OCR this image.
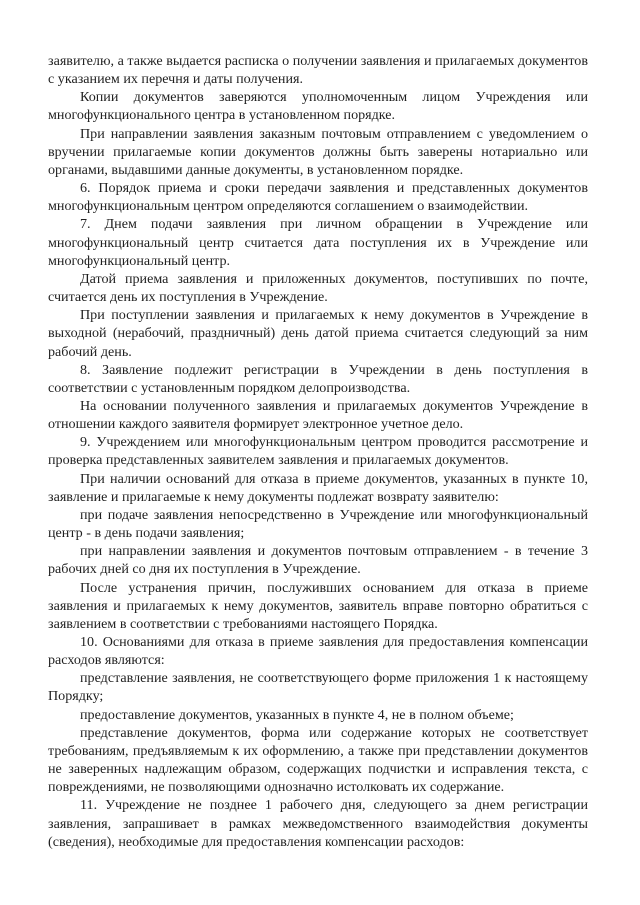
заявителю, а также выдается расписка о получении заявления и прилагаемых документов с указанием их перечня и даты получения.

Копии документов заверяются уполномоченным лицом Учреждения или многофункционального центра в установленном порядке.

При направлении заявления заказным почтовым отправлением с уведомлением о вручении прилагаемые копии документов должны быть заверены нотариально или органами, выдавшими данные документы, в установленном порядке.

6. Порядок приема и сроки передачи заявления и представленных документов многофункциональным центром определяются соглашением о взаимодействии.

7. Днем подачи заявления при личном обращении в Учреждение или многофункциональный центр считается дата поступления их в Учреждение или многофункциональный центр.

Датой приема заявления и приложенных документов, поступивших по почте, считается день их поступления в Учреждение.

При поступлении заявления и прилагаемых к нему документов в Учреждение в выходной (нерабочий, праздничный) день датой приема считается следующий за ним рабочий день.

8. Заявление подлежит регистрации в Учреждении в день поступления в соответствии с установленным порядком делопроизводства.

На основании полученного заявления и прилагаемых документов Учреждение в отношении каждого заявителя формирует электронное учетное дело.

9. Учреждением или многофункциональным центром проводится рассмотрение и проверка представленных заявителем заявления и прилагаемых документов.

При наличии оснований для отказа в приеме документов, указанных в пункте 10, заявление и прилагаемые к нему документы подлежат возврату заявителю:

при подаче заявления непосредственно в Учреждение или многофункциональный центр - в день подачи заявления;

при направлении заявления и документов почтовым отправлением - в течение 3 рабочих дней со дня их поступления в Учреждение.

После устранения причин, послуживших основанием для отказа в приеме заявления и прилагаемых к нему документов, заявитель вправе повторно обратиться с заявлением в соответствии с требованиями настоящего Порядка.

10. Основаниями для отказа в приеме заявления для предоставления компенсации расходов являются:

представление заявления, не соответствующего форме приложения 1 к настоящему Порядку;

предоставление документов, указанных в пункте 4, не в полном объеме;

представление документов, форма или содержание которых не соответствует требованиям, предъявляемым к их оформлению, а также при представлении документов не заверенных надлежащим образом, содержащих подчистки и исправления текста, с повреждениями, не позволяющими однозначно истолковать их содержание.

11. Учреждение не позднее 1 рабочего дня, следующего за днем регистрации заявления, запрашивает в рамках межведомственного взаимодействия документы (сведения), необходимые для предоставления компенсации расходов:
